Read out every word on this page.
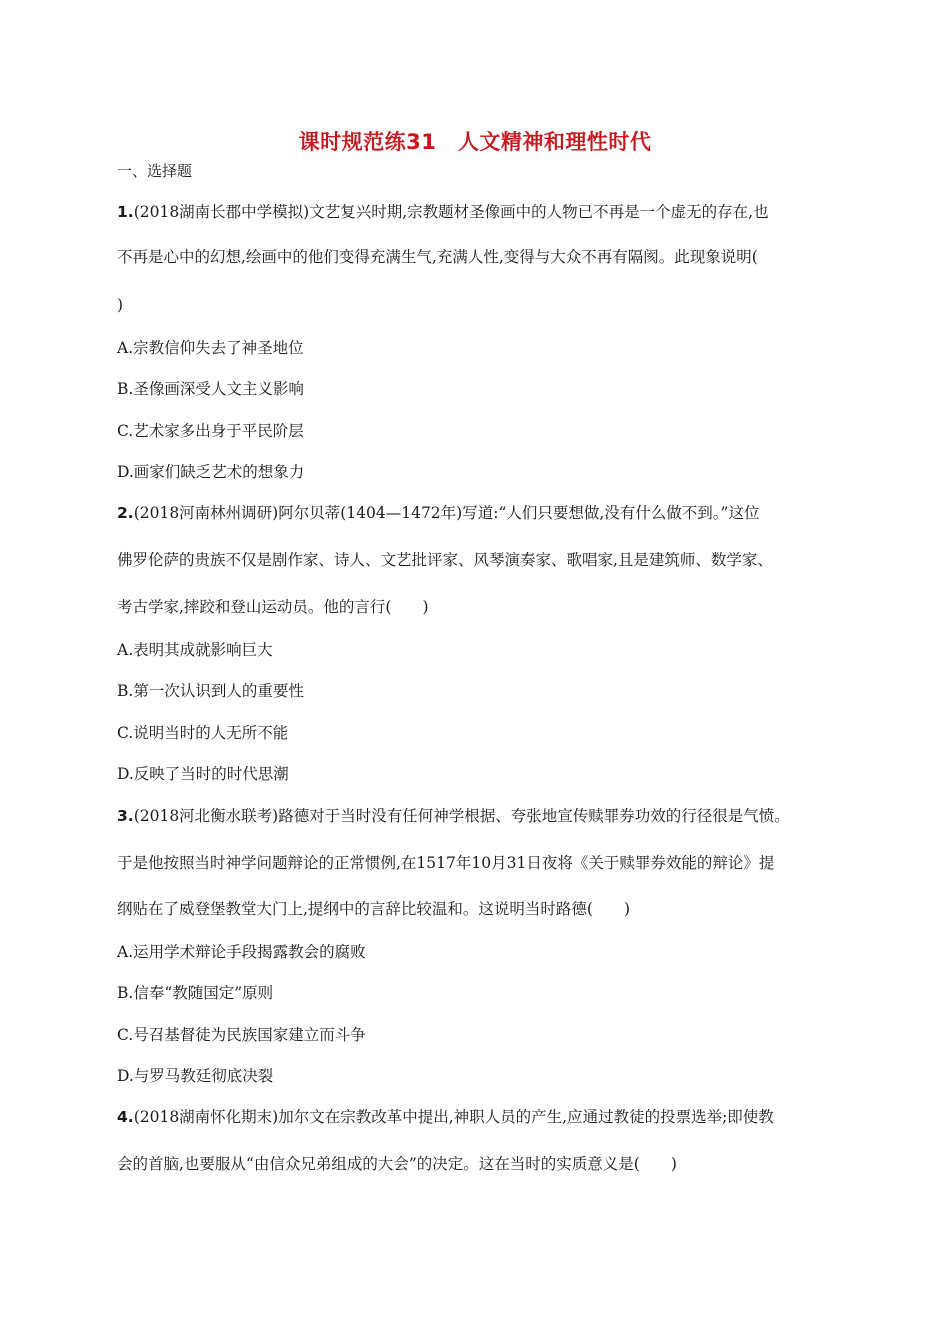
课时规范练31　人文精神和理性时代
一、选择题
1.(2018湖南长郡中学模拟)文艺复兴时期,宗教题材圣像画中的人物已不再是一个虚无的存在,也
不再是心中的幻想,绘画中的他们变得充满生气,充满人性,变得与大众不再有隔阂。此现象说明(
)
A.宗教信仰失去了神圣地位
B.圣像画深受人文主义影响
C.艺术家多出身于平民阶层
D.画家们缺乏艺术的想象力
2.(2018河南林州调研)阿尔贝蒂(1404—1472年)写道:“人们只要想做,没有什么做不到。”这位
佛罗伦萨的贵族不仅是剧作家、诗人、文艺批评家、风琴演奏家、歌唱家,且是建筑师、数学家、
考古学家,摔跤和登山运动员。他的言行(　　)
A.表明其成就影响巨大
B.第一次认识到人的重要性
C.说明当时的人无所不能
D.反映了当时的时代思潮
3.(2018河北衡水联考)路德对于当时没有任何神学根据、夸张地宣传赎罪券功效的行径很是气愤。
于是他按照当时神学问题辩论的正常惯例,在1517年10月31日夜将《关于赎罪券效能的辩论》提
纲贴在了威登堡教堂大门上,提纲中的言辞比较温和。这说明当时路德(　　)
A.运用学术辩论手段揭露教会的腐败
B.信奉“教随国定”原则
C.号召基督徒为民族国家建立而斗争
D.与罗马教廷彻底决裂
4.(2018湖南怀化期末)加尔文在宗教改革中提出,神职人员的产生,应通过教徒的投票选举;即使教
会的首脑,也要服从“由信众兄弟组成的大会”的决定。这在当时的实质意义是(　　)
